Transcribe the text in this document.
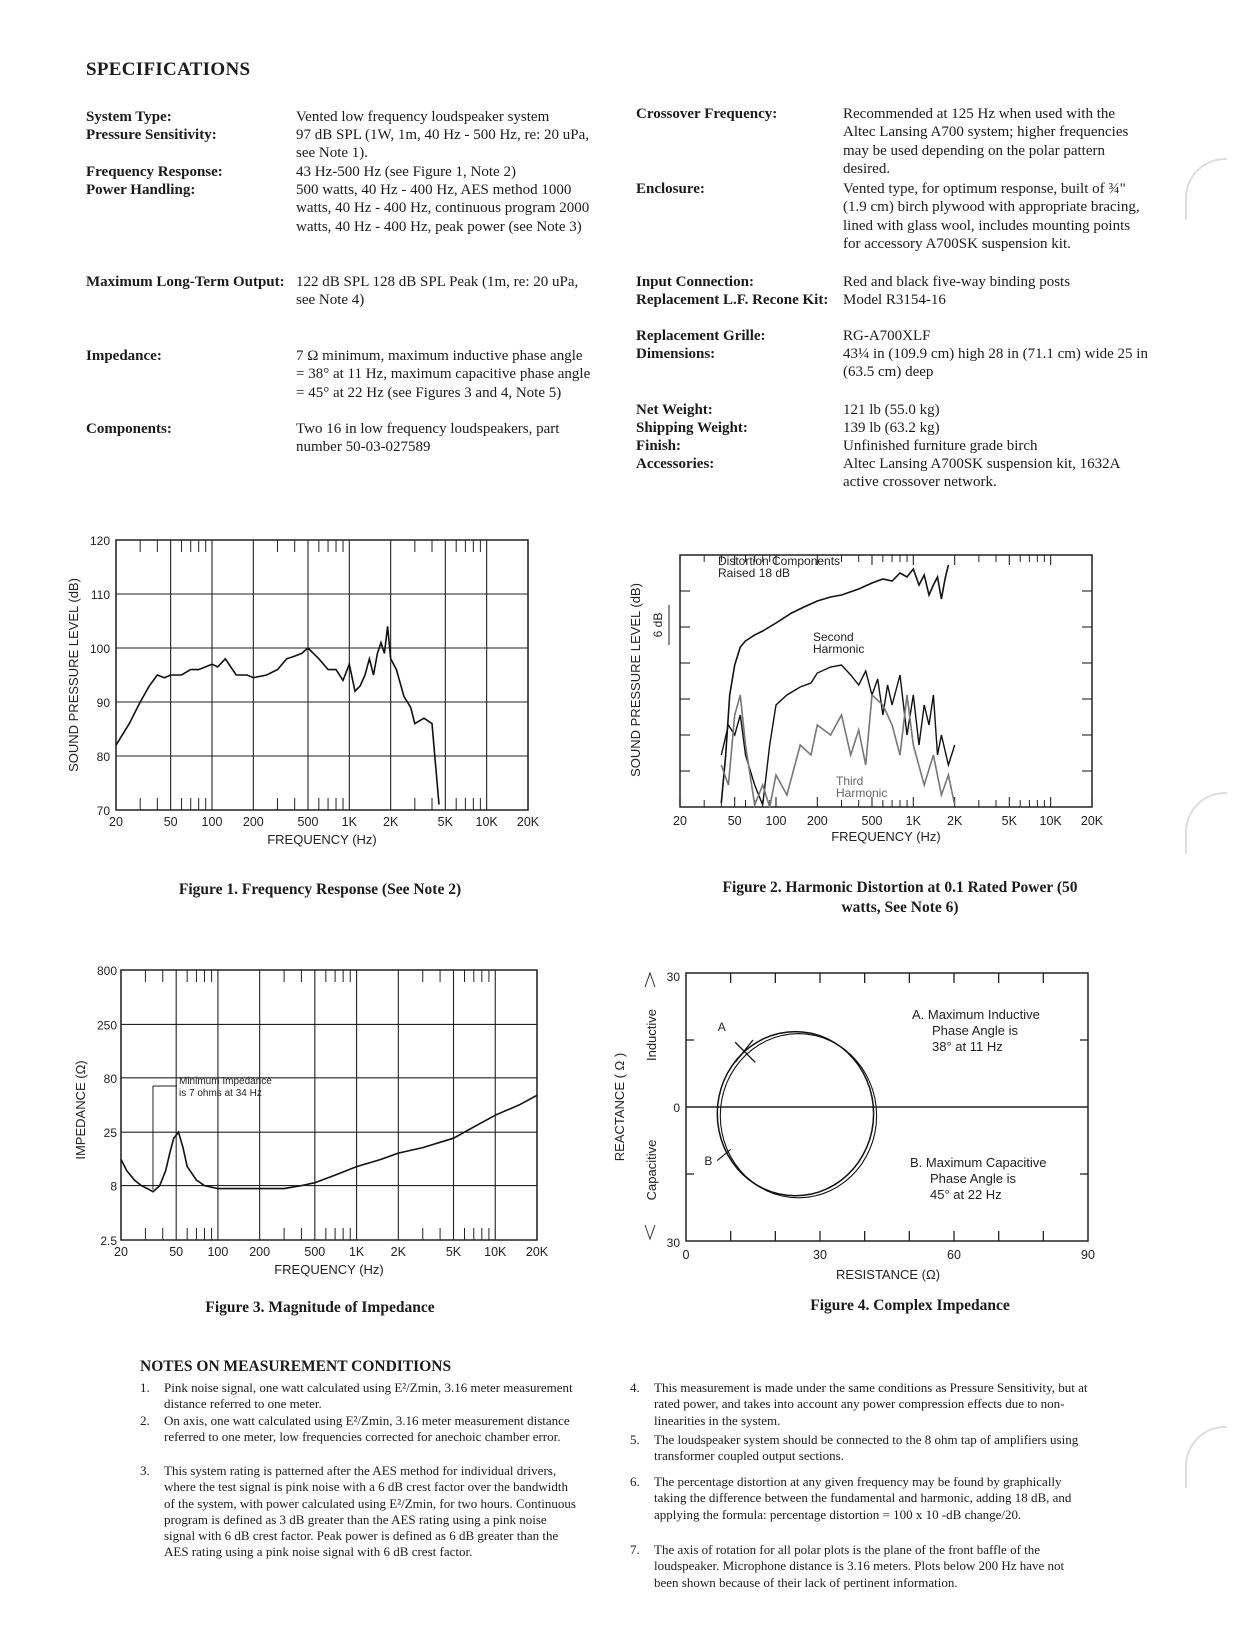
SPECIFICATIONS
System Type:	Vented low frequency loudspeaker system
Pressure Sensitivity:	97 dB SPL (1W, 1m, 40 Hz - 500 Hz, re: 20 uPa, see Note 1).
Frequency Response:	43 Hz-500 Hz (see Figure 1, Note 2)
Power Handling:	500 watts, 40 Hz - 400 Hz, AES method 1000 watts, 40 Hz - 400 Hz, continuous program 2000 watts, 40 Hz - 400 Hz, peak power (see Note 3)
Maximum Long-Term Output: 122 dB SPL 128 dB SPL Peak (1m, re: 20 uPa, see Note 4)
Impedance:	7 Ω minimum, maximum inductive phase angle = 38° at 11 Hz, maximum capacitive phase angle = 45° at 22 Hz (see Figures 3 and 4, Note 5)
Components:	Two 16 in low frequency loudspeakers, part number 50-03-027589
Crossover Frequency:	Recommended at 125 Hz when used with the Altec Lansing A700 system; higher frequencies may be used depending on the polar pattern desired.
Enclosure:	Vented type, for optimum response, built of ¾" (1.9 cm) birch plywood with appropriate bracing, lined with glass wool, includes mounting points for accessory A700SK suspension kit.
Input Connection:	Red and black five-way binding posts
Replacement L.F. Recone Kit: Model R3154-16
Replacement Grille:	RG-A700XLF
Dimensions:	43¼ in (109.9 cm) high 28 in (71.1 cm) wide 25 in (63.5 cm) deep
Net Weight:	121 lb (55.0 kg)
Shipping Weight:	139 lb (63.2 kg)
Finish:	Unfinished furniture grade birch
Accessories:	Altec Lansing A700SK suspension kit, 1632A active crossover network.
70
80
90
100
110
120
20	50 100 200	500 1K 2K	5K 10K 20K
FREQUENCY (Hz)
SOUND PRESSURE LEVEL (dB)
Figure 1. Frequency Response (See Note 2)
20	50 100 200	500 1K 2K	5K 10K 20K
FREQUENCY (Hz)
SOUND PRESSURE LEVEL (dB) 6 dB
Distortion Components
Raised 18 dB
Second
Harmonic
Third
Harmonic
Figure 2. Harmonic Distortion at 0.1 Rated Power (50 watts, See Note 6)
20	50 100 200	500 1K 2K	5K 10K 20K
2.5
8
25
80
250
800
FREQUENCY (Hz)
IMPEDANCE (Ω)	Minimum Impedance
is 7 ohms at 34 Hz
Figure 3. Magnitude of Impedance
0	30	60	90
30
0
30
RESISTANCE (Ω)
REACTANCE ( Ω )
Inductive
Capacitive
A
B
A. Maximum Inductive
Phase Angle is
38° at 11 Hz
B. Maximum Capacitive
Phase Angle is
45° at 22 Hz
Figure 4. Complex Impedance
NOTES ON MEASUREMENT CONDITIONS
1. Pink noise signal, one watt calculated using E²/Zmin, 3.16 meter measurement distance referred to one meter.
2. On axis, one watt calculated using E²/Zmin, 3.16 meter measurement distance referred to one meter, low frequencies corrected for anechoic chamber error.
3. This system rating is patterned after the AES method for individual drivers, where the test signal is pink noise with a 6 dB crest factor over the bandwidth of the system, with power calculated using E²/Zmin, for two hours. Continuous program is defined as 3 dB greater than the AES rating using a pink noise signal with 6 dB crest factor. Peak power is defined as 6 dB greater than the AES rating using a pink noise signal with 6 dB crest factor.
4. This measurement is made under the same conditions as Pressure Sensitivity, but at rated power, and takes into account any power compression effects due to non-linearities in the system.
5. The loudspeaker system should be connected to the 8 ohm tap of amplifiers using transformer coupled output sections.
6. The percentage distortion at any given frequency may be found by graphically taking the difference between the fundamental and harmonic, adding 18 dB, and applying the formula: percentage distortion = 100 x 10 -dB change/20.
7. The axis of rotation for all polar plots is the plane of the front baffle of the loudspeaker. Microphone distance is 3.16 meters. Plots below 200 Hz have not been shown because of their lack of pertinent information.
